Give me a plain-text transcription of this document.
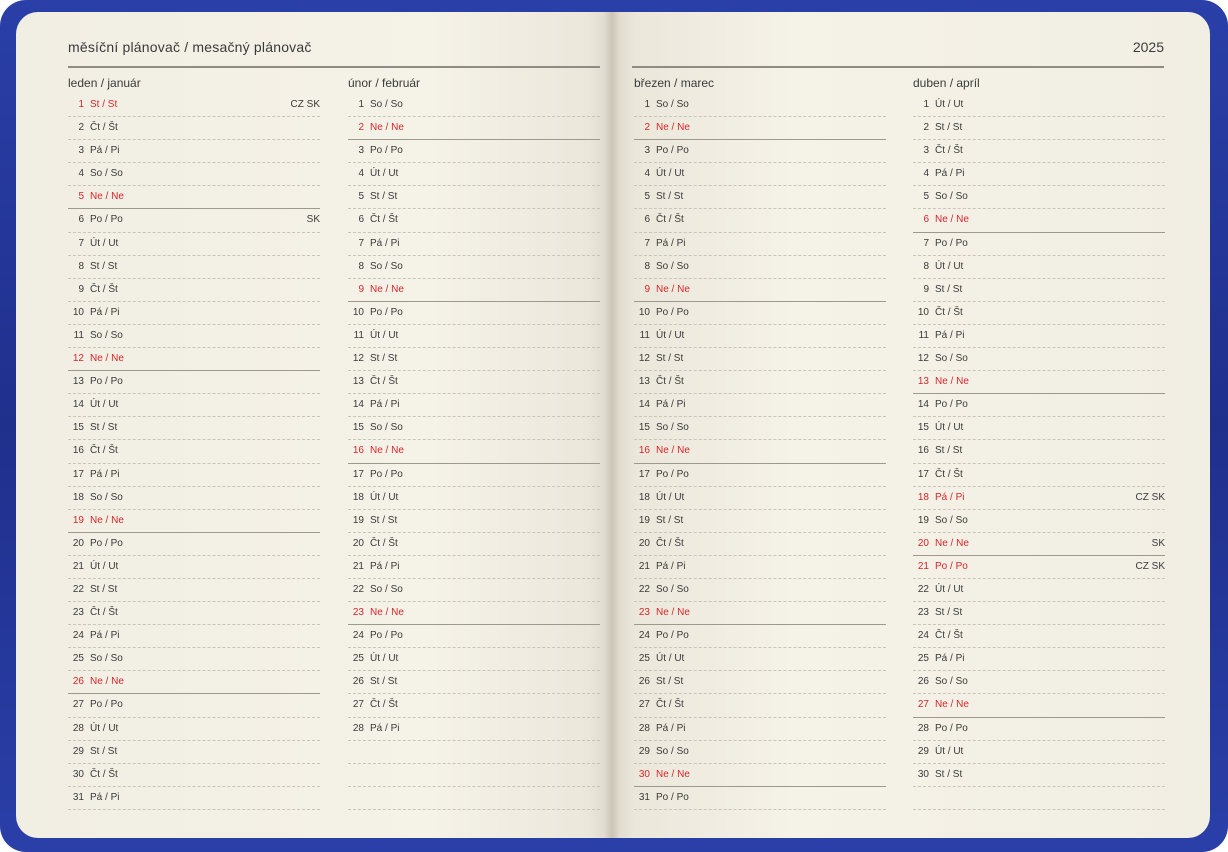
měsíční plánovač / mesačný plánovač	2025
leden / január
1 St / St	CZ SK
2 Čt / Št
3 Pá / Pi
4 So / So
5 Ne / Ne
6 Po / Po	SK
7 Út / Ut
8 St / St
9 Čt / Št
10 Pá / Pi
11 So / So
12 Ne / Ne
13 Po / Po
14 Út / Ut
15 St / St
16 Čt / Št
17 Pá / Pi
18 So / So
19 Ne / Ne
20 Po / Po
21 Út / Ut
22 St / St
23 Čt / Št
24 Pá / Pi
25 So / So
26 Ne / Ne
27 Po / Po
28 Út / Ut
29 St / St
30 Čt / Št
31 Pá / Pi
únor / február
1 So / So
2 Ne / Ne
3 Po / Po
4 Út / Ut
5 St / St
6 Čt / Št
7 Pá / Pi
8 So / So
9 Ne / Ne
10 Po / Po
11 Út / Ut
12 St / St
13 Čt / Št
14 Pá / Pi
15 So / So
16 Ne / Ne
17 Po / Po
18 Út / Ut
19 St / St
20 Čt / Št
21 Pá / Pi
22 So / So
23 Ne / Ne
24 Po / Po
25 Út / Ut
26 St / St
27 Čt / Št
28 Pá / Pi
březen / marec
1 So / So
2 Ne / Ne
3 Po / Po
4 Út / Ut
5 St / St
6 Čt / Št
7 Pá / Pi
8 So / So
9 Ne / Ne
10 Po / Po
11 Út / Ut
12 St / St
13 Čt / Št
14 Pá / Pi
15 So / So
16 Ne / Ne
17 Po / Po
18 Út / Ut
19 St / St
20 Čt / Št
21 Pá / Pi
22 So / So
23 Ne / Ne
24 Po / Po
25 Út / Ut
26 St / St
27 Čt / Št
28 Pá / Pi
29 So / So
30 Ne / Ne
31 Po / Po
duben / apríl
1 Út / Ut
2 St / St
3 Čt / Št
4 Pá / Pi
5 So / So
6 Ne / Ne
7 Po / Po
8 Út / Ut
9 St / St
10 Čt / Št
11 Pá / Pi
12 So / So
13 Ne / Ne
14 Po / Po
15 Út / Ut
16 St / St
17 Čt / Št
18 Pá / Pi	CZ SK
19 So / So
20 Ne / Ne	SK
21 Po / Po	CZ SK
22 Út / Ut
23 St / St
24 Čt / Št
25 Pá / Pi
26 So / So
27 Ne / Ne
28 Po / Po
29 Út / Ut
30 St / St
